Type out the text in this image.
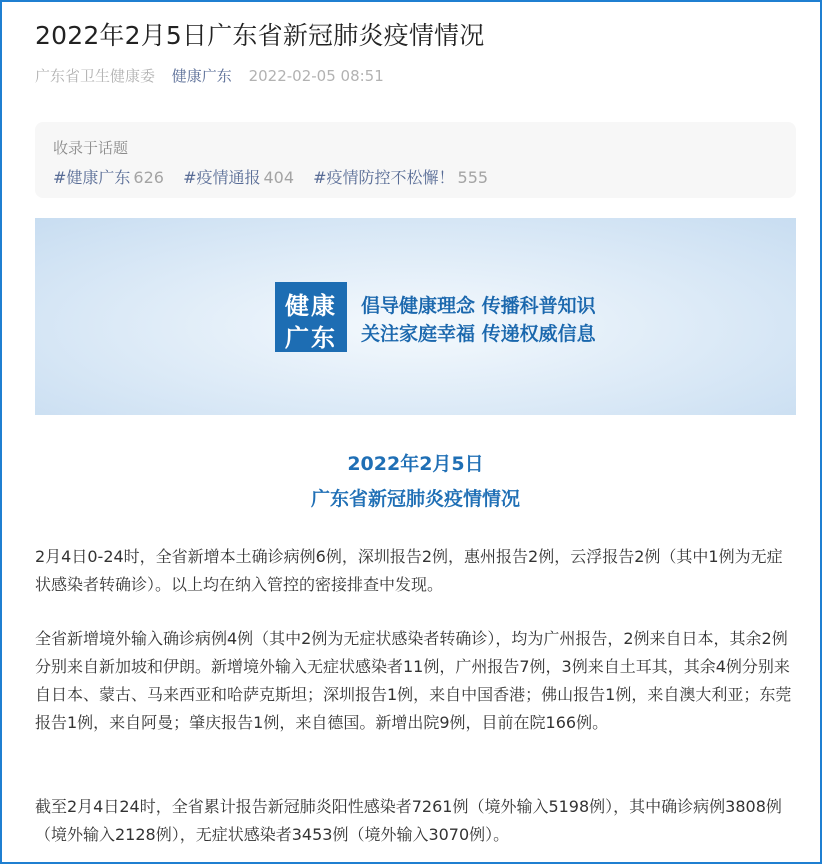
2022年2月5日广东省新冠肺炎疫情情况
广东省卫生健康委 健康广东 2022-02-05 08:51
收录于话题
#健康广东 626 #疫情通报 404 #疫情防控不松懈！ 555
健康
广东
倡导健康理念 传播科普知识
关注家庭幸福 传递权威信息
2022年2月5日
广东省新冠肺炎疫情情况

2月4日0-24时，全省新增本土确诊病例6例，深圳报告2例，惠州报告2例，云浮报告2例（其中1例为无症状感染者转确诊）。以上均在纳入管控的密接排查中发现。

全省新增境外输入确诊病例4例（其中2例为无症状感染者转确诊），均为广州报告，2例来自日本，其余2例分别来自新加坡和伊朗。新增境外输入无症状感染者11例，广州报告7例，3例来自土耳其，其余4例分别来自日本、蒙古、马来西亚和哈萨克斯坦；深圳报告1例，来自中国香港；佛山报告1例，来自澳大利亚；东莞报告1例，来自阿曼；肇庆报告1例，来自德国。新增出院9例，目前在院166例。

截至2月4日24时，全省累计报告新冠肺炎阳性感染者7261例（境外输入5198例），其中确诊病例3808例（境外输入2128例），无症状感染者3453例（境外输入3070例）。
